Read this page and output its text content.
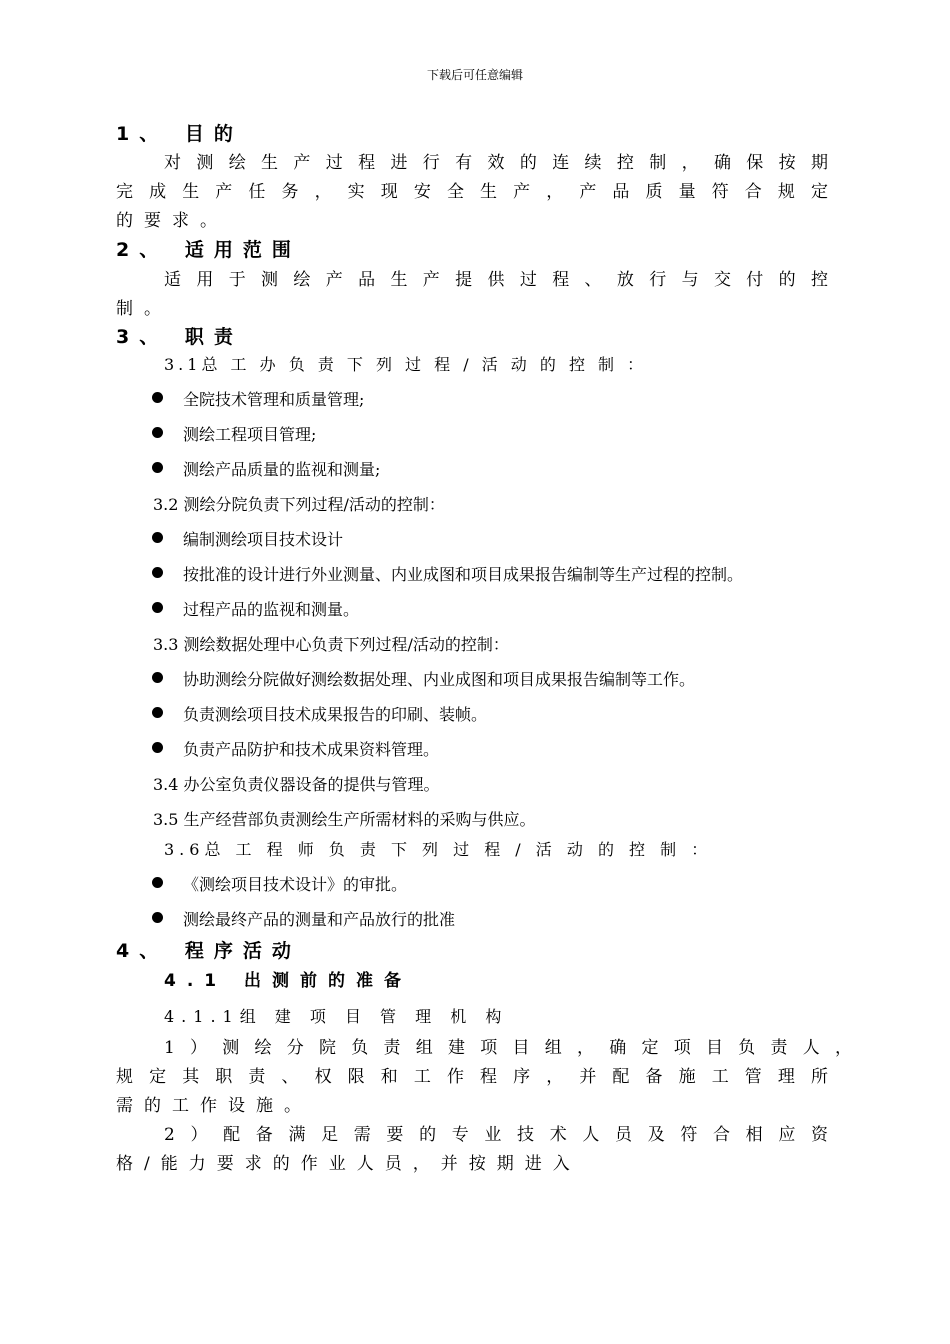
下载后可任意编辑
1、 目的
对测绘生产过程进行有效的连续控制，确保按期
完成生产任务，实现安全生产，产品质量符合规定
的要求。
2、 适用范围
适用于测绘产品生产提供过程、放行与交付的控
制。
3、 职责
3.1总 工 办 负 责 下 列 过 程 / 活 动 的 控 制 ：
全院技术管理和质量管理;
测绘工程项目管理;
测绘产品质量的监视和测量;
3.2 测绘分院负责下列过程/活动的控制：
编制测绘项目技术设计
按批准的设计进行外业测量、内业成图和项目成果报告编制等生产过程的控制。
过程产品的监视和测量。
3.3 测绘数据处理中心负责下列过程/活动的控制：
协助测绘分院做好测绘数据处理、内业成图和项目成果报告编制等工作。
负责测绘项目技术成果报告的印刷、装帧。
负责产品防护和技术成果资料管理。
3.4 办公室负责仪器设备的提供与管理。
3.5 生产经营部负责测绘生产所需材料的采购与供应。
3.6总 工 程 师 负 责 下 列 过 程 / 活 动 的 控 制 ：
《测绘项目技术设计》的审批。
测绘最终产品的测量和产品放行的批准
4、 程序活动
4.1 出测前的准备
4.1.1组 建 项 目 管 理 机 构
1）测绘分院负责组建项目组，确定项目负责人，
规定其职责、权限和工作程序，并配备施工管理所
需的工作设施。
2）配备满足需要的专业技术人员及符合相应资
格/能力要求的作业人员，并按期进入
